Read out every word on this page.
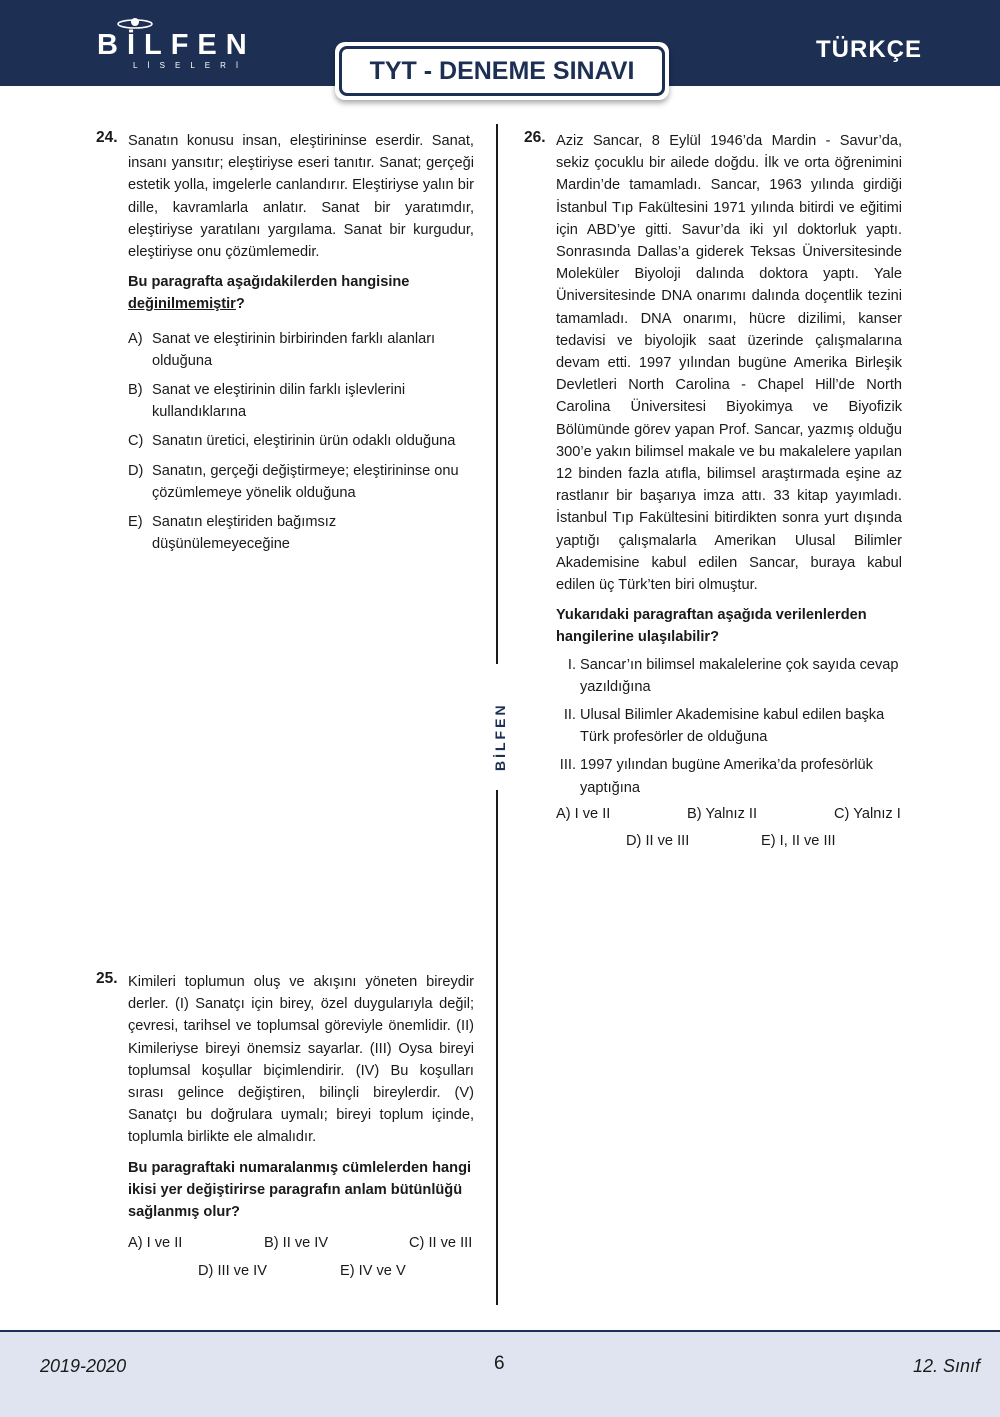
BİLFEN
LİSELERİ
TÜRKÇE
TYT - DENEME SINAVI
24. Sanatın konusu insan, eleştirininse eserdir. Sanat, insanı yansıtır; eleştiriyse eseri tanıtır. Sanat; gerçeği estetik yolla, imgelerle canlandırır. Eleştiriyse yalın bir dille, kavramlarla anlatır. Sanat bir yaratımdır, eleştiriyse yaratılanı yargılama. Sanat bir kurgudur, eleştiriyse onu çözümlemedir.

Bu paragrafta aşağıdakilerden hangisine değinilmemiştir?

A) Sanat ve eleştirinin birbirinden farklı alanları olduğuna
B) Sanat ve eleştirinin dilin farklı işlevlerini kullandıklarına
C) Sanatın üretici, eleştirinin ürün odaklı olduğuna
D) Sanatın, gerçeği değiştirmeye; eleştirininse onu çözümlemeye yönelik olduğuna
E) Sanatın eleştiriden bağımsız düşünülemeyeceğine
25. Kimileri toplumun oluş ve akışını yöneten bireydir derler. (I) Sanatçı için birey, özel duygularıyla değil; çevresi, tarihsel ve toplumsal göreviyle önemlidir. (II) Kimileriyse bireyi önemsiz sayarlar. (III) Oysa bireyi toplumsal koşullar biçimlendirir. (IV) Bu koşulları sırası gelince değiştiren, bilinçli bireylerdir. (V) Sanatçı bu doğrulara uymalı; bireyi toplum içinde, toplumla birlikte ele almalıdır.

Bu paragraftaki numaralanmış cümlelerden hangi ikisi yer değiştirirse paragrafın anlam bütünlüğü sağlanmış olur?

A) I ve II	B) II ve IV	C) II ve III
D) III ve IV	E) IV ve V
BİLFEN
26. Aziz Sancar, 8 Eylül 1946’da Mardin - Savur’da, sekiz çocuklu bir ailede doğdu. İlk ve orta öğrenimini Mardin’de tamamladı. Sancar, 1963 yılında girdiği İstanbul Tıp Fakültesini 1971 yılında bitirdi ve eğitimi için ABD’ye gitti. Savur’da iki yıl doktorluk yaptı. Sonrasında Dallas’a giderek Teksas Üniversitesinde Moleküler Biyoloji dalında doktora yaptı. Yale Üniversitesinde DNA onarımı dalında doçentlik tezini tamamladı. DNA onarımı, hücre dizilimi, kanser tedavisi ve biyolojik saat üzerinde çalışmalarına devam etti. 1997 yılından bugüne Amerika Birleşik Devletleri North Carolina - Chapel Hill’de North Carolina Üniversitesi Biyokimya ve Biyofizik Bölümünde görev yapan Prof. Sancar, yazmış olduğu 300’e yakın bilimsel makale ve bu makalelere yapılan 12 binden fazla atıfla, bilimsel araştırmada eşine az rastlanır bir başarıya imza attı. 33 kitap yayımladı. İstanbul Tıp Fakültesini bitirdikten sonra yurt dışında yaptığı çalışmalarla Amerikan Ulusal Bilimler Akademisine kabul edilen Sancar, buraya kabul edilen üç Türk’ten biri olmuştur.

Yukarıdaki paragraftan aşağıda verilenlerden hangilerine ulaşılabilir?

I. Sancar’ın bilimsel makalelerine çok sayıda cevap yazıldığına
II. Ulusal Bilimler Akademisine kabul edilen başka Türk profesörler de olduğuna
III. 1997 yılından bugüne Amerika’da profesörlük yaptığına
A) I ve II	B) Yalnız II	C) Yalnız I
D) II ve III	E) I, II ve III
2019-2020	6	12. Sınıf
